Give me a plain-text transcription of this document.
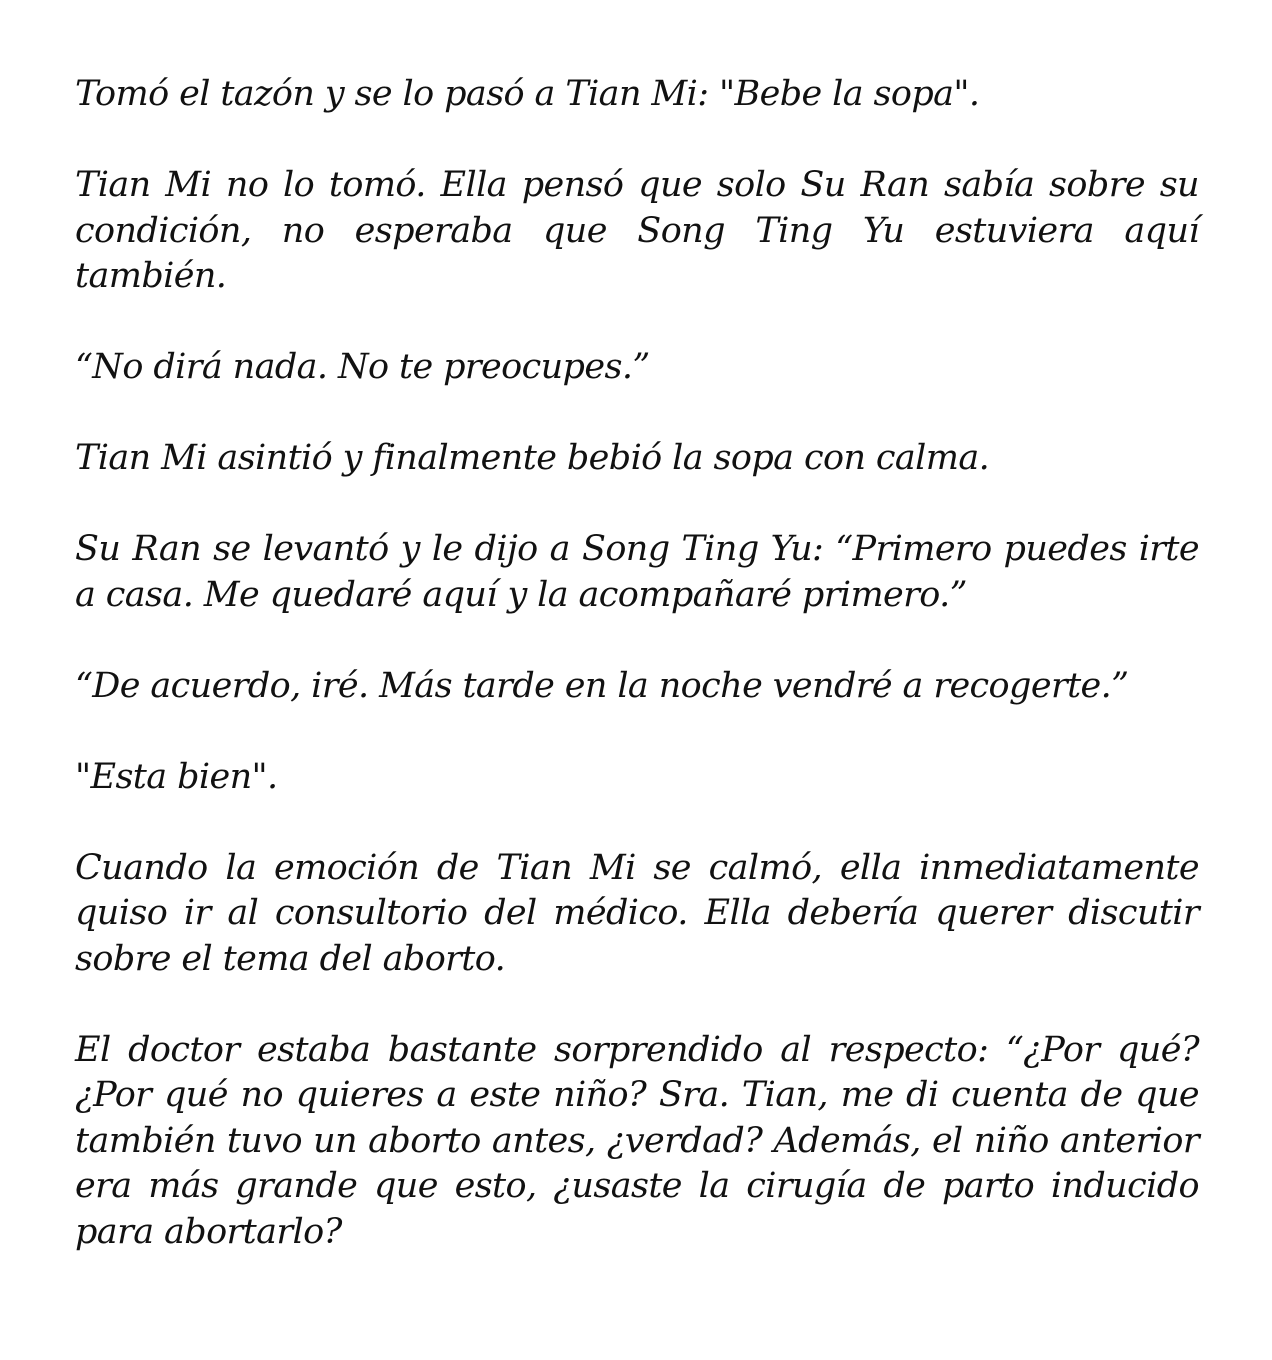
Tomó el tazón y se lo pasó a Tian Mi: "Bebe la sopa".

Tian Mi no lo tomó. Ella pensó que solo Su Ran sabía sobre su condición, no esperaba que Song Ting Yu estuviera aquí también.

“No dirá nada. No te preocupes.”

Tian Mi asintió y finalmente bebió la sopa con calma.

Su Ran se levantó y le dijo a Song Ting Yu: “Primero puedes irte a casa. Me quedaré aquí y la acompañaré primero.”

“De acuerdo, iré. Más tarde en la noche vendré a recogerte.”

"Esta bien".

Cuando la emoción de Tian Mi se calmó, ella inmediatamente quiso ir al consultorio del médico. Ella debería querer discutir sobre el tema del aborto.

El doctor estaba bastante sorprendido al respecto: “¿Por qué? ¿Por qué no quieres a este niño? Sra. Tian, me di cuenta de que también tuvo un aborto antes, ¿verdad? Además, el niño anterior era más grande que esto, ¿usaste la cirugía de parto inducido para abortarlo?
